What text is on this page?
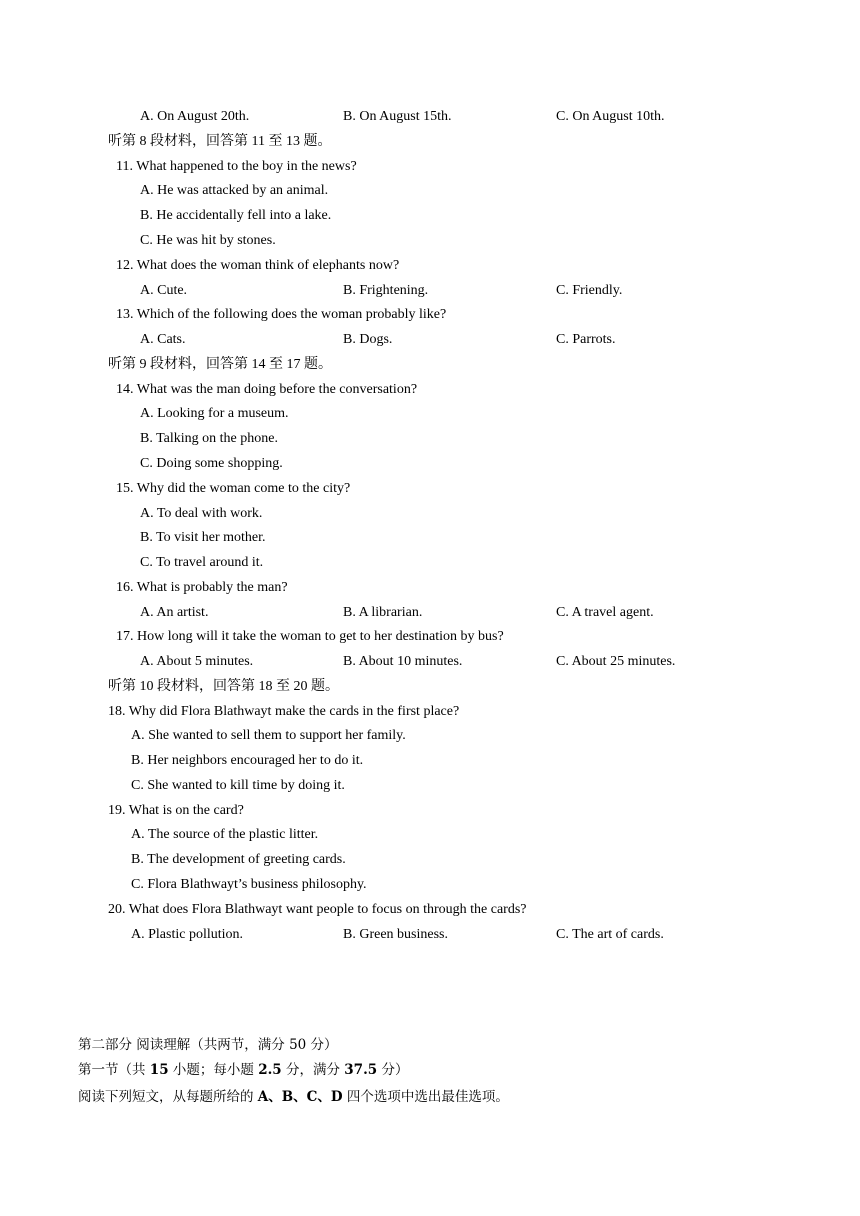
A. On August 20th.	B. On August 15th.	C. On August 10th.
听第 8 段材料，回答第 11 至 13 题。
11. What happened to the boy in the news?
A. He was attacked by an animal.
B. He accidentally fell into a lake.
C. He was hit by stones.
12. What does the woman think of elephants now?
A. Cute.	B. Frightening.	C. Friendly.
13. Which of the following does the woman probably like?
A. Cats.	B. Dogs.	C. Parrots.
听第 9 段材料，回答第 14 至 17 题。
14. What was the man doing before the conversation?
A. Looking for a museum.
B. Talking on the phone.
C. Doing some shopping.
15. Why did the woman come to the city?
A. To deal with work.
B. To visit her mother.
C. To travel around it.
16. What is probably the man?
A. An artist.	B. A librarian.	C. A travel agent.
17. How long will it take the woman to get to her destination by bus?
A. About 5 minutes.	B. About 10 minutes.	C. About 25 minutes.
听第 10 段材料，回答第 18 至 20 题。
18. Why did Flora Blathwayt make the cards in the first place?
A. She wanted to sell them to support her family.
B. Her neighbors encouraged her to do it.
C. She wanted to kill time by doing it.
19. What is on the card?
A. The source of the plastic litter.
B. The development of greeting cards.
C. Flora Blathwayt’s business philosophy.
20. What does Flora Blathwayt want people to focus on through the cards?
A. Plastic pollution.	B. Green business.	C. The art of cards.
第二部分 阅读理解（共两节，满分 50 分）
第一节（共 15 小题；每小题 2.5 分，满分 37.5 分）
阅读下列短文，从每题所给的 A、B、C、D 四个选项中选出最佳选项。
